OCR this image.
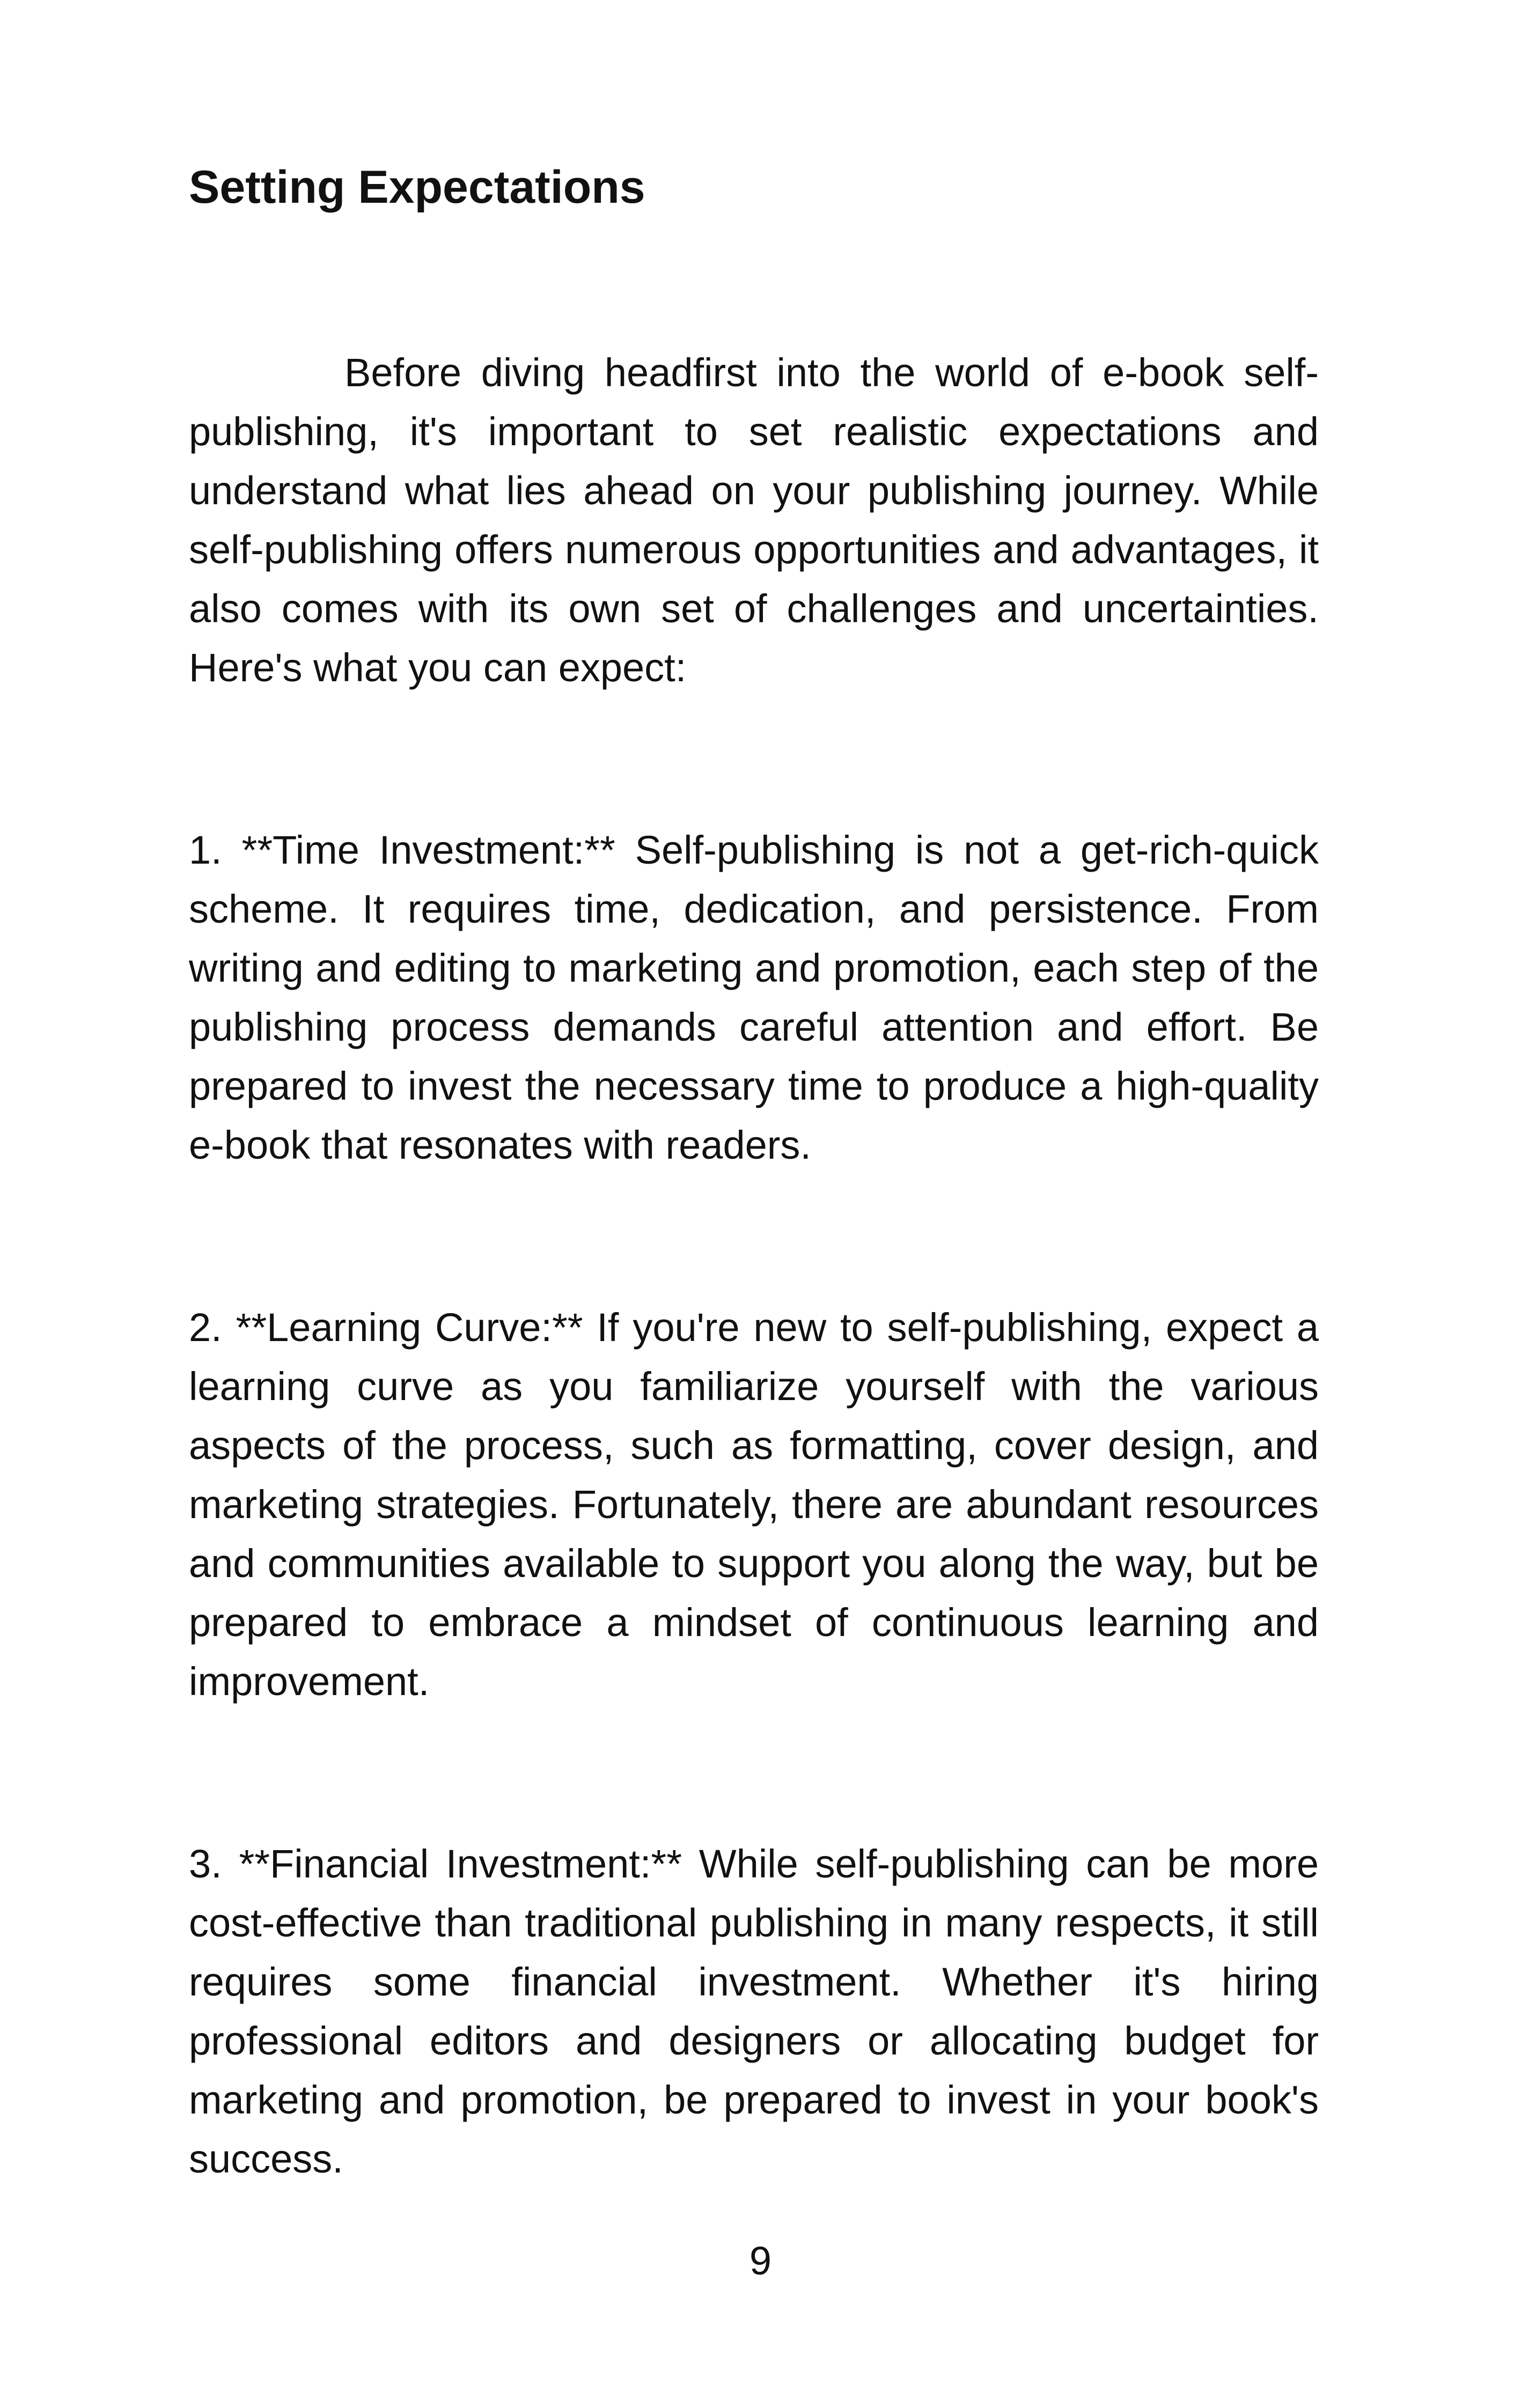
Setting Expectations

Before diving headfirst into the world of e-book self-publishing, it's important to set realistic expectations and understand what lies ahead on your publishing journey. While self-publishing offers numerous opportunities and advantages, it also comes with its own set of challenges and uncertainties. Here's what you can expect:

1. **Time Investment:** Self-publishing is not a get-rich-quick scheme. It requires time, dedication, and persistence. From writing and editing to marketing and promotion, each step of the publishing process demands careful attention and effort. Be prepared to invest the necessary time to produce a high-quality e-book that resonates with readers.

2. **Learning Curve:** If you're new to self-publishing, expect a learning curve as you familiarize yourself with the various aspects of the process, such as formatting, cover design, and marketing strategies. Fortunately, there are abundant resources and communities available to support you along the way, but be prepared to embrace a mindset of continuous learning and improvement.

3. **Financial Investment:** While self-publishing can be more cost-effective than traditional publishing in many respects, it still requires some financial investment. Whether it's hiring professional editors and designers or allocating budget for marketing and promotion, be prepared to invest in your book's success.

9
